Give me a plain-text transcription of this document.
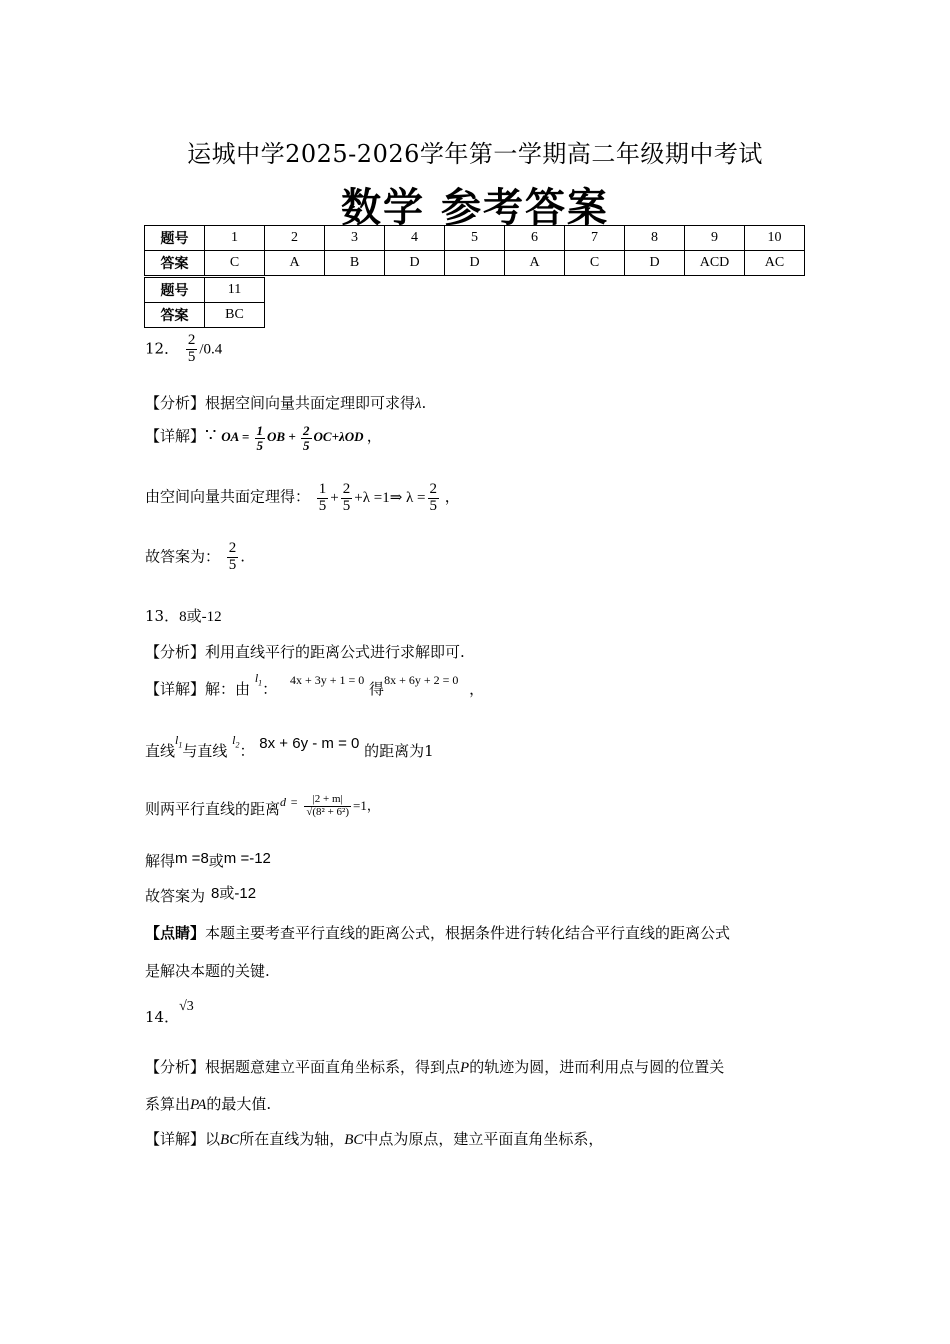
运城中学2025-2026学年第一学期高二年级期中考试
数学 参考答案
题号	1	2	3	4	5	6	7	8	9	10
答案	C	A	B	D	D	A	C	D	ACD	AC
题号	11
答案	BC
12． $\frac{2}{5} /0.4$
【分析】根据空间向量共面定理即可求得λ.
【详解】∵ OA = $\frac{1}{5}$ OB + $\frac{2}{5} OC+\lambda OD$ ，
由空间向量共面定理得： $\frac{1}{5} + \frac{2}{5} +\lambda$ =1⇒ $\lambda = \frac{2}{5}$ ，
故答案为： $\frac{2}{5}$ .
13．8或-12
【分析】利用直线平行的距离公式进行求解即可.
【详解】解：由 $^{l_1}$： $^{4x + 3y + 1 = 0}$ 得$^{8x + 6y + 2 = 0}$ ，
直线$^{l_1}$与直线 $^{l_2}$： 8x + 6y - m = 0 的距离为1
则两平行直线的距离$^d$ $^= \frac{|2 + m|}{\text{√(8² + 6²)}} =1$，
解得m =8或m =-12
故答案为 8或-12
【点睛】本题主要考查平行直线的距离公式，根据条件进行转化结合平行直线的距离公式
是解决本题的关键.
14．√3
【分析】根据题意建立平面直角坐标系，得到点P的轨迹为圆，进而利用点与圆的位置关
系算出PA的最大值.
【详解】以BC所在直线为轴，BC中点为原点，建立平面直角坐标系，
